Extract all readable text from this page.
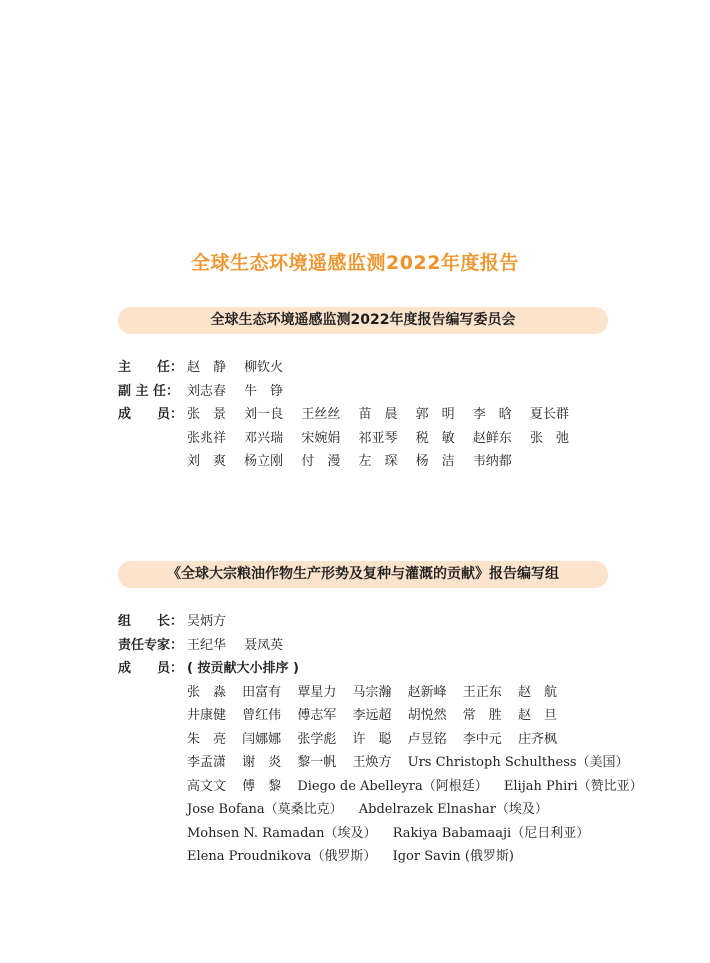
全球生态环境遥感监测2022年度报告
全球生态环境遥感监测2022年度报告编写委员会
主　　任： 赵　静 柳钦火
副 主 任： 刘志春 牛　铮
成　　员： 张　景 刘一良 王丝丝 苗　晨 郭　明 李　晗 夏长群
张兆祥 邓兴瑞 宋婉娟 祁亚琴 税　敏 赵鲜东 张　弛
刘　爽 杨立刚 付　漫 左　琛 杨　洁 韦纳都
《全球大宗粮油作物生产形势及复种与灌溉的贡献》报告编写组
组　　长： 吴炳方
责任专家： 王纪华 聂凤英
成　　员： ( 按贡献大小排序 )
张　淼 田富有 覃星力 马宗瀚 赵新峰 王正东 赵　航
井康健 曾红伟 傅志军 李远超 胡悦然 常　胜 赵　旦
朱　亮 闫娜娜 张学彪 许　聪 卢昱铭 李中元 庄齐枫
李孟潇 谢　炎 黎一帆 王焕方 Urs Christoph Schulthess（美国）
高文文 傅　黎 Diego de Abelleyra（阿根廷） Elijah Phiri（赞比亚）
Jose Bofana（莫桑比克） Abdelrazek Elnashar（埃及）
Mohsen N. Ramadan（埃及） Rakiya Babamaaji（尼日利亚）
Elena Proudnikova（俄罗斯） Igor Savin (俄罗斯)
